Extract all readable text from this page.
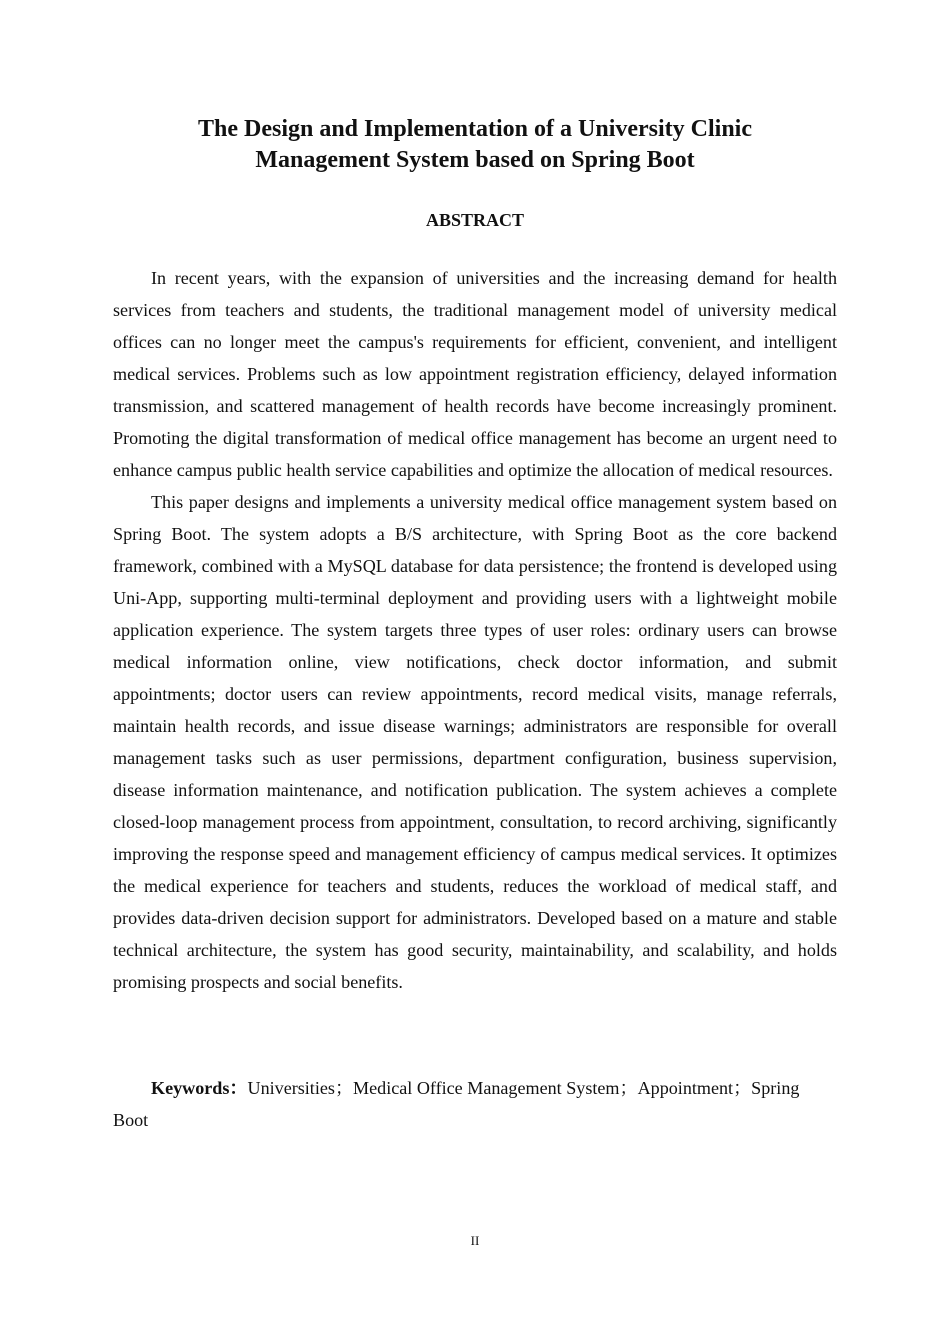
The Design and Implementation of a University Clinic
Management System based on Spring Boot
ABSTRACT

In recent years, with the expansion of universities and the increasing demand for health services from teachers and students, the traditional management model of university medical offices can no longer meet the campus's requirements for efficient, convenient, and intelligent medical services. Problems such as low appointment registration efficiency, delayed information transmission, and scattered management of health records have become increasingly prominent. Promoting the digital transformation of medical office management has become an urgent need to enhance campus public health service capabilities and optimize the allocation of medical resources.

This paper designs and implements a university medical office management system based on Spring Boot. The system adopts a B/S architecture, with Spring Boot as the core backend framework, combined with a MySQL database for data persistence; the frontend is developed using Uni-App, supporting multi-terminal deployment and providing users with a lightweight mobile application experience. The system targets three types of user roles: ordinary users can browse medical information online, view notifications, check doctor information, and submit appointments; doctor users can review appointments, record medical visits, manage referrals, maintain health records, and issue disease warnings; administrators are responsible for overall management tasks such as user permissions, department configuration, business supervision, disease information maintenance, and notification publication. The system achieves a complete closed-loop management process from appointment, consultation, to record archiving, significantly improving the response speed and management efficiency of campus medical services. It optimizes the medical experience for teachers and students, reduces the workload of medical staff, and provides data-driven decision support for administrators. Developed based on a mature and stable technical architecture, the system has good security, maintainability, and scalability, and holds promising prospects and social benefits.

Keywords：Universities；Medical Office Management System；Appointment；Spring Boot

II
